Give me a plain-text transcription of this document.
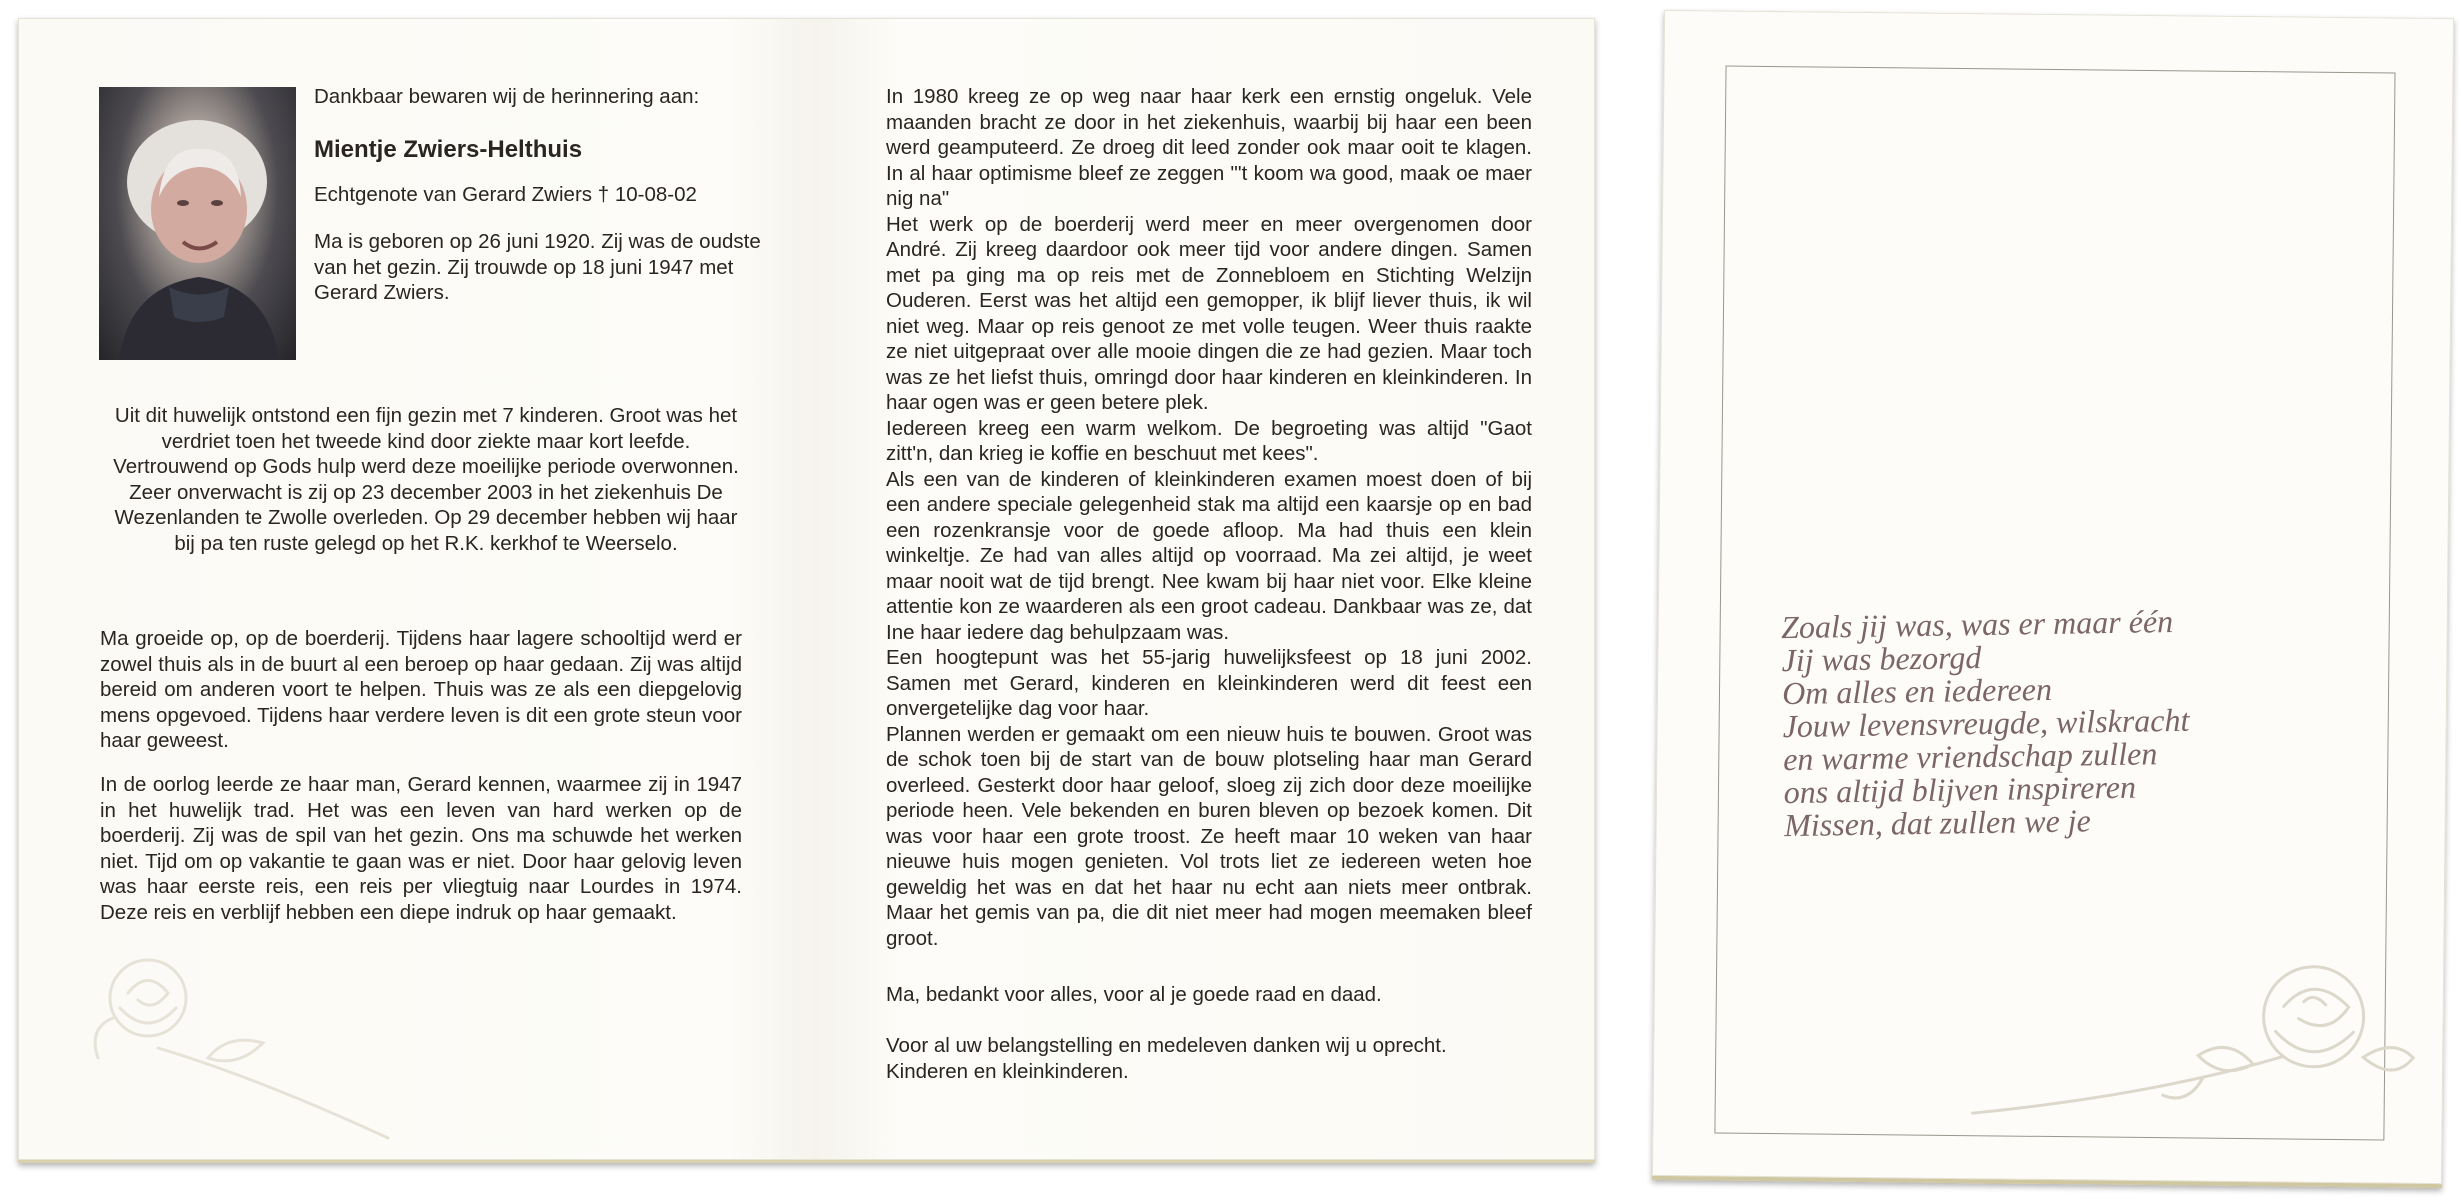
Dankbaar bewaren wij de herinnering aan:

Mientje Zwiers-Helthuis

Echtgenote van Gerard Zwiers † 10-08-02

Ma is geboren op 26 juni 1920. Zij was de oudste van het gezin. Zij trouwde op 18 juni 1947 met Gerard Zwiers.

Uit dit huwelijk ontstond een fijn gezin met 7 kinderen. Groot was het verdriet toen het tweede kind door ziekte maar kort leefde. Vertrouwend op Gods hulp werd deze moeilijke periode overwonnen. Zeer onverwacht is zij op 23 december 2003 in het ziekenhuis De Wezenlanden te Zwolle overleden. Op 29 december hebben wij haar bij pa ten ruste gelegd op het R.K. kerkhof te Weerselo.

Ma groeide op, op de boerderij. Tijdens haar lagere schooltijd werd er zowel thuis als in de buurt al een beroep op haar gedaan. Zij was altijd bereid om anderen voort te helpen. Thuis was ze als een diepgelovig mens opgevoed. Tijdens haar verdere leven is dit een grote steun voor haar geweest.

In de oorlog leerde ze haar man, Gerard kennen, waarmee zij in 1947 in het huwelijk trad. Het was een leven van hard werken op de boerderij. Zij was de spil van het gezin. Ons ma schuwde het werken niet. Tijd om op vakantie te gaan was er niet. Door haar gelovig leven was haar eerste reis, een reis per vliegtuig naar Lourdes in 1974. Deze reis en verblijf hebben een diepe indruk op haar gemaakt.

In 1980 kreeg ze op weg naar haar kerk een ernstig ongeluk. Vele maanden bracht ze door in het ziekenhuis, waarbij bij haar een been werd geamputeerd. Ze droeg dit leed zonder ook maar ooit te klagen. In al haar optimisme bleef ze zeggen "'t koom wa good, maak oe maer nig na"

Het werk op de boerderij werd meer en meer overgenomen door André. Zij kreeg daardoor ook meer tijd voor andere dingen. Samen met pa ging ma op reis met de Zonnebloem en Stichting Welzijn Ouderen. Eerst was het altijd een gemopper, ik blijf liever thuis, ik wil niet weg. Maar op reis genoot ze met volle teugen. Weer thuis raakte ze niet uitgepraat over alle mooie dingen die ze had gezien. Maar toch was ze het liefst thuis, omringd door haar kinderen en kleinkinderen. In haar ogen was er geen betere plek.

Iedereen kreeg een warm welkom. De begroeting was altijd "Gaot zitt'n, dan krieg ie koffie en beschuut met kees".

Als een van de kinderen of kleinkinderen examen moest doen of bij een andere speciale gelegenheid stak ma altijd een kaarsje op en bad een rozenkransje voor de goede afloop. Ma had thuis een klein winkeltje. Ze had van alles altijd op voorraad. Ma zei altijd, je weet maar nooit wat de tijd brengt. Nee kwam bij haar niet voor. Elke kleine attentie kon ze waarderen als een groot cadeau. Dankbaar was ze, dat Ine haar iedere dag behulpzaam was.

Een hoogtepunt was het 55-jarig huwelijksfeest op 18 juni 2002. Samen met Gerard, kinderen en kleinkinderen werd dit feest een onvergetelijke dag voor haar.

Plannen werden er gemaakt om een nieuw huis te bouwen. Groot was de schok toen bij de start van de bouw plotseling haar man Gerard overleed. Gesterkt door haar geloof, sloeg zij zich door deze moeilijke periode heen. Vele bekenden en buren bleven op bezoek komen. Dit was voor haar een grote troost. Ze heeft maar 10 weken van haar nieuwe huis mogen genieten. Vol trots liet ze iedereen weten hoe geweldig het was en dat het haar nu echt aan niets meer ontbrak. Maar het gemis van pa, die dit niet meer had mogen meemaken bleef groot.

Ma, bedankt voor alles, voor al je goede raad en daad.

Voor al uw belangstelling en medeleven danken wij u oprecht.
Kinderen en kleinkinderen.
Zoals jij was, was er maar één
Jij was bezorgd
Om alles en iedereen
Jouw levensvreugde, wilskracht
en warme vriendschap zullen
ons altijd blijven inspireren
Missen, dat zullen we je
